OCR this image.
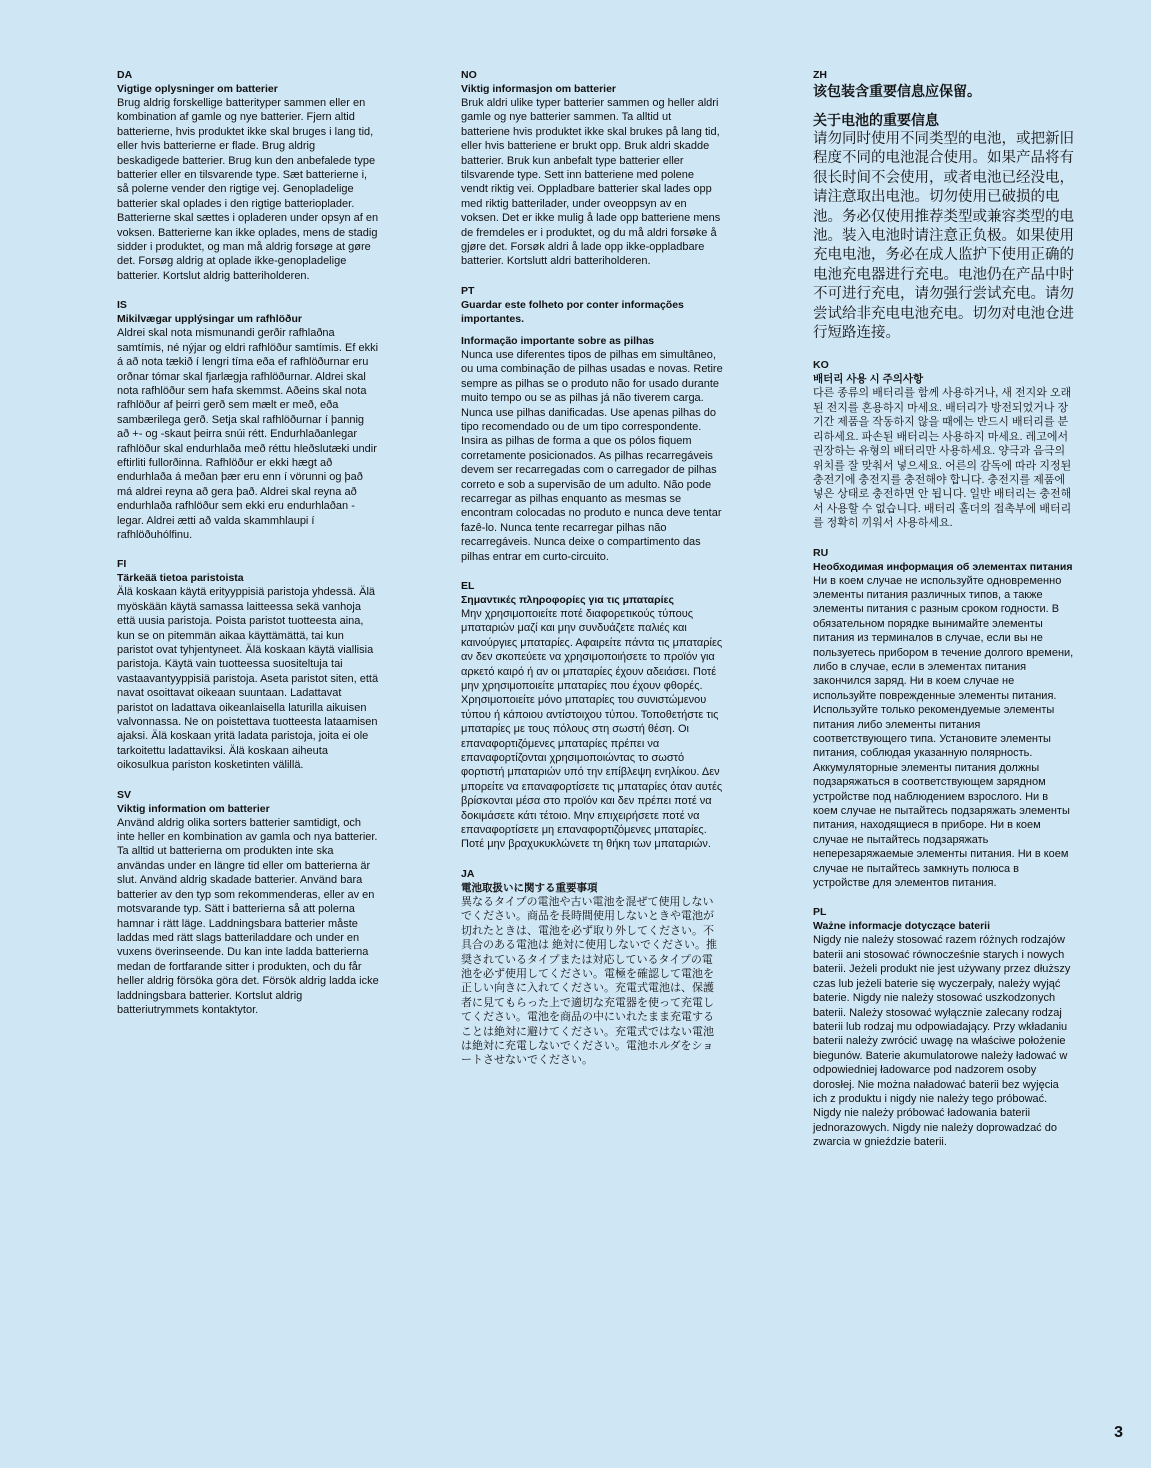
DA
Vigtige oplysninger om batterier
Brug aldrig forskellige batterityper sammen eller en kombination af gamle og nye batterier. Fjern altid batterierne, hvis produktet ikke skal bruges i lang tid, eller hvis batterierne er flade. Brug aldrig beskadigede batterier. Brug kun den anbefalede type batterier eller en tilsvarende type. Sæt batterierne i, så polerne vender den rigtige vej. Genopladelige batterier skal oplades i den rigtige batterioplader. Batterierne skal sættes i opladeren under opsyn af en voksen. Batterierne kan ikke oplades, mens de stadig sidder i produktet, og man må aldrig forsøge at gøre det. Forsøg aldrig at oplade ikke-genopladelige batterier. Kortslut aldrig batteriholderen.
IS
Mikilvægar upplýsingar um rafhlöður
Aldrei skal nota mismunandi gerðir rafhlaðna samtímis, né nýjar og eldri rafhlöður samtímis. Ef ekki á að nota tækið í lengri tíma eða ef rafhlöðurnar eru orðnar tómar skal fjarlægja rafhlöðurnar. Aldrei skal nota rafhlöður sem hafa skemmst. Aðeins skal nota rafhlöður af þeirri gerð sem mælt er með, eða sambærilega gerð. Setja skal rafhlöðurnar í þannig að +- og -skaut þeirra snúi rétt. Endurhlaðanlegar rafhlöður skal endurhlaða með réttu hleðslutæki undir eftirliti fullorðinna. Rafhlöður er ekki hægt að endurhlaða á meðan þær eru enn í vörunni og það má aldrei reyna að gera það. Aldrei skal reyna að endurhlaða rafhlöður sem ekki eru endurhlaðan -legar. Aldrei ætti að valda skammhlaupi í rafhlöðuhólfinu.
FI
Tärkeää tietoa paristoista
Älä koskaan käytä erityyppisiä paristoja yhdessä. Älä myöskään käytä samassa laitteessa sekä vanhoja että uusia paristoja. Poista paristot tuotteesta aina, kun se on pitemmän aikaa käyttämättä, tai kun paristot ovat tyhjentyneet. Älä koskaan käytä viallisia paristoja. Käytä vain tuotteessa suositeltuja tai vastaavantyyppisiä paristoja. Aseta paristot siten, että navat osoittavat oikeaan suuntaan. Ladattavat paristot on ladattava oikeanlaisella laturilla aikuisen valvonnassa. Ne on poistettava tuotteesta lataamisen ajaksi. Älä koskaan yritä ladata paristoja, joita ei ole tarkoitettu ladattaviksi. Älä koskaan aiheuta oikosulkua pariston kosketinten välillä.
SV
Viktig information om batterier
Använd aldrig olika sorters batterier samtidigt, och inte heller en kombination av gamla och nya batterier. Ta alltid ut batterierna om produkten inte ska användas under en längre tid eller om batterierna är slut. Använd aldrig skadade batterier. Använd bara batterier av den typ som rekommenderas, eller av en motsvarande typ. Sätt i batterierna så att polerna hamnar i rätt läge. Laddningsbara batterier måste laddas med rätt slags batteriladdare och under en vuxens överinseende. Du kan inte ladda batterierna medan de fortfarande sitter i produkten, och du får heller aldrig försöka göra det. Försök aldrig ladda icke laddningsbara batterier. Kortslut aldrig batteriutrymmets kontaktytor.
NO
Viktig informasjon om batterier
Bruk aldri ulike typer batterier sammen og heller aldri gamle og nye batterier sammen. Ta alltid ut batteriene hvis produktet ikke skal brukes på lang tid, eller hvis batteriene er brukt opp. Bruk aldri skadde batterier. Bruk kun anbefalt type batterier eller tilsvarende type. Sett inn batteriene med polene vendt riktig vei. Oppladbare batterier skal lades opp med riktig batterilader, under oveoppsyn av en voksen. Det er ikke mulig å lade opp batteriene mens de fremdeles er i produktet, og du må aldri forsøke å gjøre det. Forsøk aldri å lade opp ikke-oppladbare batterier. Kortslutt aldri batteriholderen.
PT
Guardar este folheto por conter informações importantes.
Informação importante sobre as pilhas
Nunca use diferentes tipos de pilhas em simultâneo, ou uma combinação de pilhas usadas e novas. Retire sempre as pilhas se o produto não for usado durante muito tempo ou se as pilhas já não tiverem carga. Nunca use pilhas danificadas. Use apenas pilhas do tipo recomendado ou de um tipo correspondente. Insira as pilhas de forma a que os pólos fiquem corretamente posicionados. As pilhas recarregáveis devem ser recarregadas com o carregador de pilhas correto e sob a supervisão de um adulto. Não pode recarregar as pilhas enquanto as mesmas se encontram colocadas no produto e nunca deve tentar fazê-lo. Nunca tente recarregar pilhas não recarregáveis. Nunca deixe o compartimento das pilhas entrar em curto-circuito.
EL
Σημαντικές πληροφορίες για τις μπαταρίες
Μην χρησιμοποιείτε ποτέ διαφορετικούς τύπους μπαταριών μαζί και μην συνδυάζετε παλιές και καινούργιες μπαταρίες. Αφαιρείτε πάντα τις μπαταρίες αν δεν σκοπεύετε να χρησιμοποιήσετε το προϊόν για αρκετό καιρό ή αν οι μπαταρίες έχουν αδειάσει. Ποτέ μην χρησιμοποιείτε μπαταρίες που έχουν φθορές. Χρησιμοποιείτε μόνο μπαταρίες του συνιστώμενου τύπου ή κάποιου αντίστοιχου τύπου. Τοποθετήστε τις μπαταρίες με τους πόλους στη σωστή θέση. Οι επαναφορτιζόμενες μπαταρίες πρέπει να επαναφορτίζονται χρησιμοποιώντας το σωστό φορτιστή μπαταριών υπό την επίβλεψη ενηλίκου. Δεν μπορείτε να επαναφορτίσετε τις μπαταρίες όταν αυτές βρίσκονται μέσα στο προϊόν και δεν πρέπει ποτέ να δοκιμάσετε κάτι τέτοιο. Μην επιχειρήσετε ποτέ να επαναφορτίσετε μη επαναφορτιζόμενες μπαταρίες. Ποτέ μην βραχυκυκλώνετε τη θήκη των μπαταριών.
JA
電池取扱いに関する重要事項
異なるタイプの電池や古い電池を混ぜて使用しないでください。商品を長時間使用しないときや電池が切れたときは、電池を必ず取り外してください。不具合のある電池は 絶対に使用しないでください。推奨されているタイプまたは対応しているタイプの電池を必ず使用してください。電極を確認して電池を正しい向きに入れてください。充電式電池は、保護者に見てもらった上で適切な充電器を使って充電してください。電池を商品の中にいれたまま充電することは絶対に避けてください。充電式ではない電池は絶対に充電しないでください。電池ホルダをショートさせないでください。
ZH
该包装含重要信息应保留。
关于电池的重要信息
请勿同时使用不同类型的电池，或把新旧程度不同的电池混合使用。如果产品将有很长时间不会使用，或者电池已经没电，请注意取出电池。切勿使用已破损的电池。务必仅使用推荐类型或兼容类型的电池。装入电池时请注意正负极。如果使用充电电池，务必在成人监护下使用正确的电池充电器进行充电。电池仍在产品中时不可进行充电，请勿强行尝试充电。请勿尝试给非充电电池充电。切勿对电池仓进行短路连接。
KO
배터리 사용 시 주의사항
다른 종류의 배터리를 함께 사용하거나, 새 전지와 오래된 전지를 혼용하지 마세요. 배터리가 방전되었거나 장기간 제품을 작동하지 않을 때에는 반드시 배터리를 분리하세요. 파손된 배터리는 사용하지 마세요. 레고에서 권장하는 유형의 배터리만 사용하세요. 양극과 음극의 위치를 잘 맞춰서 넣으세요. 어른의 감독에 따라 지정된 충전기에 충전지를 충전해야 합니다. 충전지를 제품에 넣은 상태로 충전하면 안 됩니다. 일반 배터리는 충전해서 사용할 수 없습니다. 배터리 홀더의 접촉부에 배터리를 정확히 끼워서 사용하세요.
RU
Необходимая информация об элементах питания
Ни в коем случае не используйте одновременно элементы питания различных типов, а также элементы питания с разным сроком годности. В обязательном порядке вынимайте элементы питания из терминалов в случае, если вы не пользуетесь прибором в течение долгого времени, либо в случае, если в элементах питания закончился заряд. Ни в коем случае не используйте поврежденные элементы питания. Используйте только рекомендуемые элементы питания либо элементы питания соответствующего типа. Установите элементы питания, соблюдая указанную полярность. Аккумуляторные элементы питания должны подзаряжаться в соответствующем зарядном устройстве под наблюдением взрослого. Ни в коем случае не пытайтесь подзаряжать элементы питания, находящиеся в приборе. Ни в коем случае не пытайтесь подзаряжать неперезаряжаемые элементы питания. Ни в коем случае не пытайтесь замкнуть полюса в устройстве для элементов питания.
PL
Ważne informacje dotyczące baterii
Nigdy nie należy stosować razem różnych rodzajów baterii ani stosować równocześnie starych i nowych baterii. Jeżeli produkt nie jest używany przez dłuższy czas lub jeżeli baterie się wyczerpały, należy wyjąć baterie. Nigdy nie należy stosować uszkodzonych baterii. Należy stosować wyłącznie zalecany rodzaj baterii lub rodzaj mu odpowiadający. Przy wkładaniu baterii należy zwrócić uwagę na właściwe położenie biegunów. Baterie akumulatorowe należy ładować w odpowiedniej ładowarce pod nadzorem osoby dorosłej. Nie można naładować baterii bez wyjęcia ich z produktu i nigdy nie należy tego próbować. Nigdy nie należy próbować ładowania baterii jednorazowych. Nigdy nie należy doprowadzać do zwarcia w gnieździe baterii.
3
